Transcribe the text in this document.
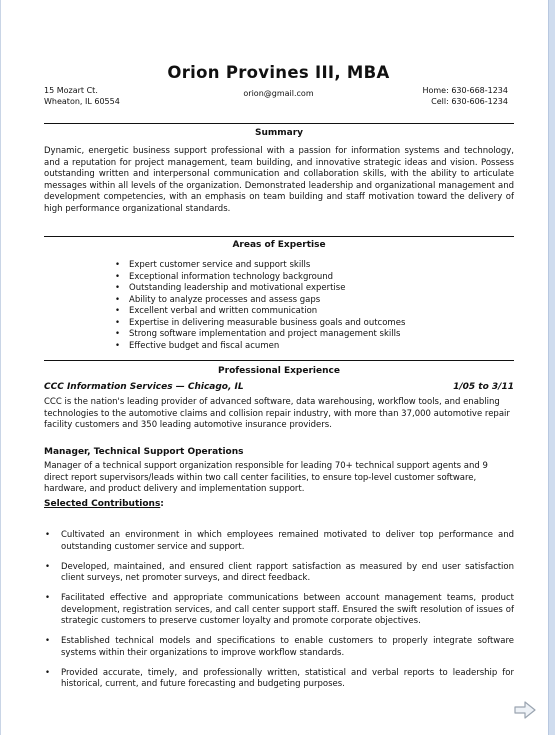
Orion Provines III, MBA
15 Mozart Ct.
Wheaton, IL 60554
orion@gmail.com	Home: 630-668-1234
Cell: 630-606-1234
Summary

Dynamic, energetic business support professional with a passion for information systems and technology, and a reputation for project management, team building, and innovative strategic ideas and vision. Possess outstanding written and interpersonal communication and collaboration skills, with the ability to articulate messages within all levels of the organization. Demonstrated leadership and organizational management and development competencies, with an emphasis on team building and staff motivation toward the delivery of high performance organizational standards.

Areas of Expertise
• Expert customer service and support skills
• Exceptional information technology background
• Outstanding leadership and motivational expertise
• Ability to analyze processes and assess gaps
• Excellent verbal and written communication
• Expertise in delivering measurable business goals and outcomes
• Strong software implementation and project management skills
• Effective budget and fiscal acumen
Professional Experience
CCC Information Services — Chicago, IL	1/05 to 3/11

CCC is the nation's leading provider of advanced software, data warehousing, workflow tools, and enabling technologies to the automotive claims and collision repair industry, with more than 37,000 automotive repair facility customers and 350 leading automotive insurance providers.

Manager, Technical Support Operations

Manager of a technical support organization responsible for leading 70+ technical support agents and 9 direct report supervisors/leads within two call center facilities, to ensure top-level customer software, hardware, and product delivery and implementation support.

Selected Contributions:
• Cultivated an environment in which employees remained motivated to deliver top performance and outstanding customer service and support.
• Developed, maintained, and ensured client rapport satisfaction as measured by end user satisfaction client surveys, net promoter surveys, and direct feedback.
• Facilitated effective and appropriate communications between account management teams, product development, registration services, and call center support staff. Ensured the swift resolution of issues of strategic customers to preserve customer loyalty and promote corporate objectives.
• Established technical models and specifications to enable customers to properly integrate software systems within their organizations to improve workflow standards.
• Provided accurate, timely, and professionally written, statistical and verbal reports to leadership for historical, current, and future forecasting and budgeting purposes.
